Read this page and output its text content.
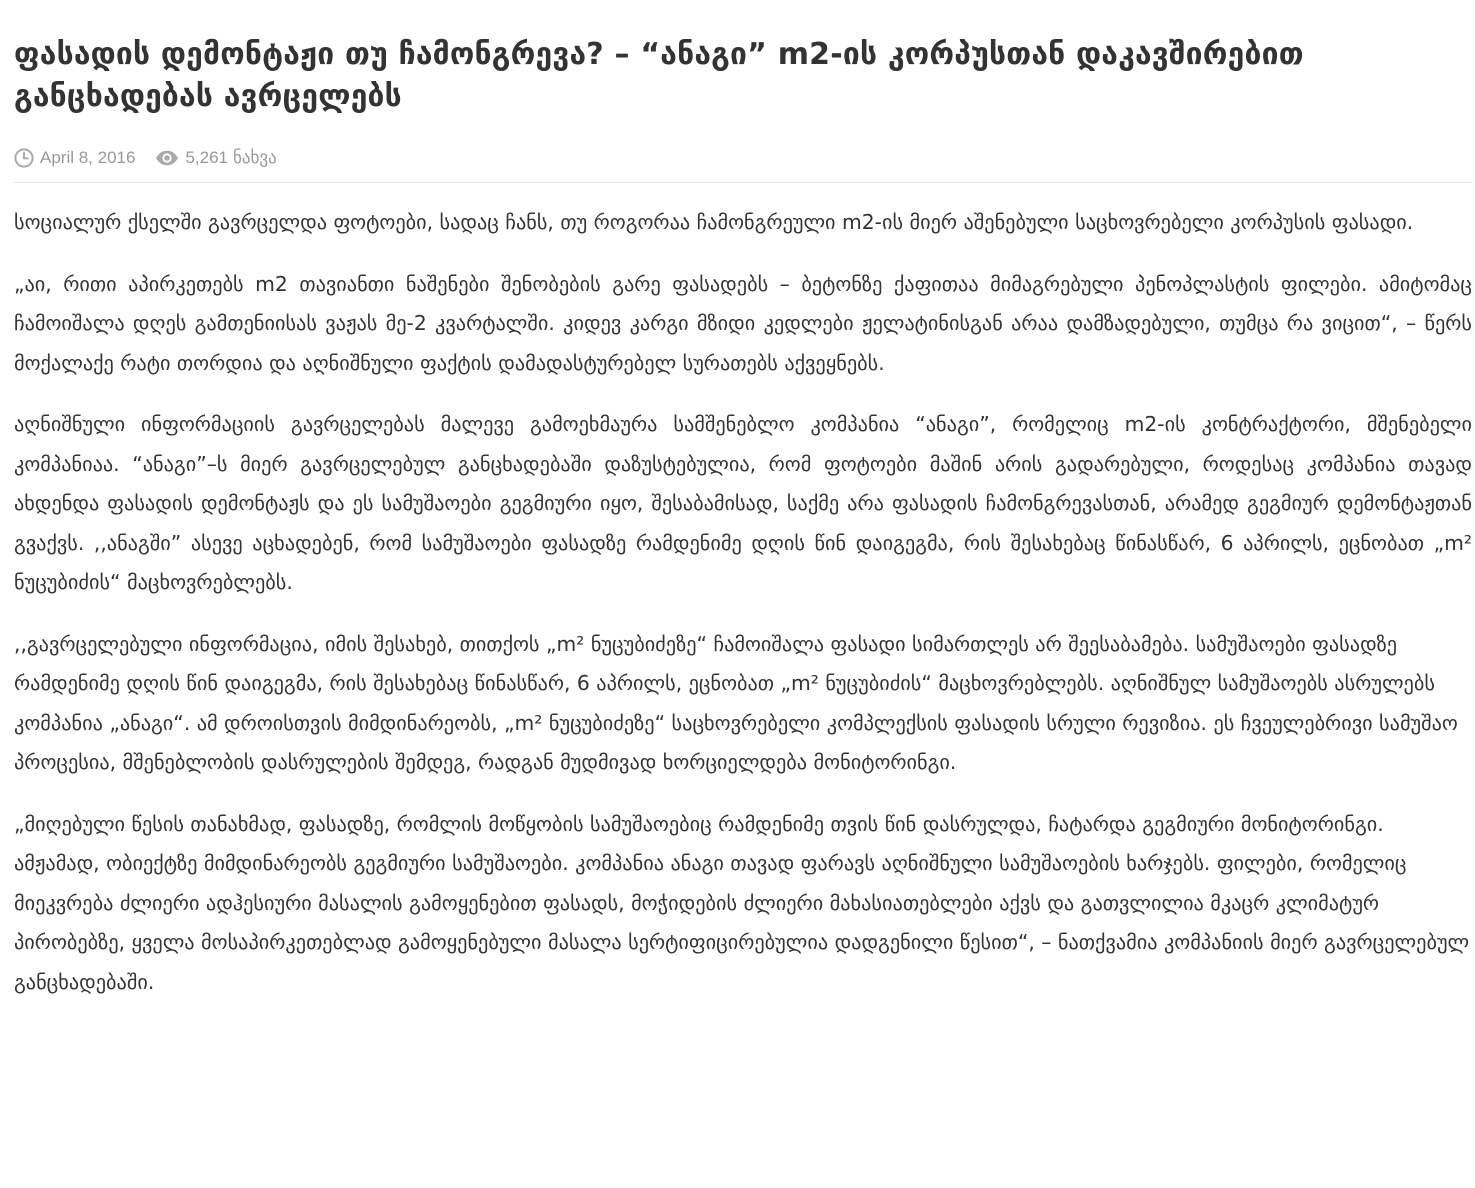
ფასადის დემონტაჟი თუ ჩამონგრევა? – “ანაგი” m2-ის კორპუსთან დაკავშირებით განცხადებას ავრცელებს
April 8, 2016	5,261 ნახვა

სოციალურ ქსელში გავრცელდა ფოტოები, სადაც ჩანს, თუ როგორაა ჩამონგრეული m2-ის მიერ აშენებული საცხოვრებელი კორპუსის ფასადი.

„აი, რითი აპირკეთებს m2 თავიანთი ნაშენები შენობების გარე ფასადებს – ბეტონზე ქაფითაა მიმაგრებული პენოპლასტის ფილები. ამიტომაც ჩამოიშალა დღეს გამთენიისას ვაჟას მე-2 კვარტალში. კიდევ კარგი მზიდი კედლები ჟელატინისგან არაა დამზადებული, თუმცა რა ვიცით“, – წერს მოქალაქე რატი თორდია და აღნიშნული ფაქტის დამადასტურებელ სურათებს აქვეყნებს.

აღნიშნული ინფორმაციის გავრცელებას მალევე გამოეხმაურა სამშენებლო კომპანია “ანაგი”, რომელიც m2-ის კონტრაქტორი, მშენებელი კომპანიაა. “ანაგი”–ს მიერ გავრცელებულ განცხადებაში დაზუსტებულია, რომ ფოტოები მაშინ არის გადარებული, როდესაც კომპანია თავად ახდენდა ფასადის დემონტაჟს და ეს სამუშაოები გეგმიური იყო, შესაბამისად, საქმე არა ფასადის ჩამონგრევასთან, არამედ გეგმიურ დემონტაჟთან გვაქვს. ,,ანაგში” ასევე აცხადებენ, რომ სამუშაოები ფასადზე რამდენიმე დღის წინ დაიგეგმა, რის შესახებაც წინასწარ, 6 აპრილს, ეცნობათ „m² ნუცუბიძის“ მაცხოვრებლებს.

,,გავრცელებული ინფორმაცია, იმის შესახებ, თითქოს „m² ნუცუბიძეზე“ ჩამოიშალა ფასადი სიმართლეს არ შეესაბამება. სამუშაოები ფასადზე რამდენიმე დღის წინ დაიგეგმა, რის შესახებაც წინასწარ, 6 აპრილს, ეცნობათ „m² ნუცუბიძის“ მაცხოვრებლებს. აღნიშნულ სამუშაოებს ასრულებს კომპანია „ანაგი“. ამ დროისთვის მიმდინარეობს, „m² ნუცუბიძეზე“ საცხოვრებელი კომპლექსის ფასადის სრული რევიზია. ეს ჩვეულებრივი სამუშაო პროცესია, მშენებლობის დასრულების შემდეგ, რადგან მუდმივად ხორციელდება მონიტორინგი.

„მიღებული წესის თანახმად, ფასადზე, რომლის მოწყობის სამუშაოებიც რამდენიმე თვის წინ დასრულდა, ჩატარდა გეგმიური მონიტორინგი. ამჟამად, ობიექტზე მიმდინარეობს გეგმიური სამუშაოები. კომპანია ანაგი თავად ფარავს აღნიშნული სამუშაოების ხარჯებს. ფილები, რომელიც მიეკვრება ძლიერი ადჰესიური მასალის გამოყენებით ფასადს, მოჭიდების ძლიერი მახასიათებლები აქვს და გათვლილია მკაცრ კლიმატურ პირობებზე, ყველა მოსაპირკეთებლად გამოყენებული მასალა სერტიფიცირებულია დადგენილი წესით“, – ნათქვამია კომპანიის მიერ გავრცელებულ განცხადებაში.
